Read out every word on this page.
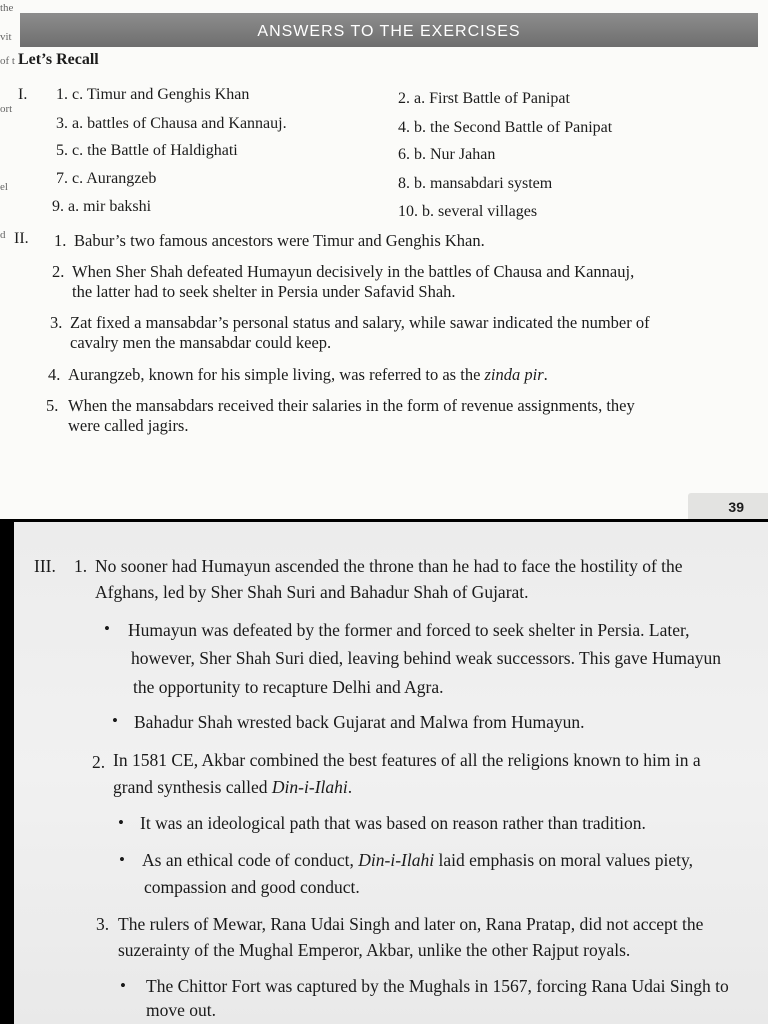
the
vit
of t
ort
el
d
ANSWERS TO THE EXERCISES
Let’s Recall
I. 1. c. Timur and Genghis Khan	2. a. First Battle of Panipat
3. a. battles of Chausa and Kannauj.	4. b. the Second Battle of Panipat
5. c. the Battle of Haldighati	6. b. Nur Jahan
7. c. Aurangzeb	8. b. mansabdari system
9. a. mir bakshi	10. b. several villages
II. 1. Babur’s two famous ancestors were Timur and Genghis Khan.
2. When Sher Shah defeated Humayun decisively in the battles of Chausa and Kannauj,
the latter had to seek shelter in Persia under Safavid Shah.
3. Zat fixed a mansabdar’s personal status and salary, while sawar indicated the number of
cavalry men the mansabdar could keep.
4. Aurangzeb, known for his simple living, was referred to as the zinda pir.
5. When the mansabdars received their salaries in the form of revenue assignments, they
were called jagirs.
39
III. 1. No sooner had Humayun ascended the throne than he had to face the hostility of the
Afghans, led by Sher Shah Suri and Bahadur Shah of Gujarat.
• Humayun was defeated by the former and forced to seek shelter in Persia. Later,
however, Sher Shah Suri died, leaving behind weak successors. This gave Humayun
the opportunity to recapture Delhi and Agra.
• Bahadur Shah wrested back Gujarat and Malwa from Humayun.
2. In 1581 CE, Akbar combined the best features of all the religions known to him in a
grand synthesis called Din-i-Ilahi.
• It was an ideological path that was based on reason rather than tradition.
• As an ethical code of conduct, Din-i-Ilahi laid emphasis on moral values piety,
compassion and good conduct.
3. The rulers of Mewar, Rana Udai Singh and later on, Rana Pratap, did not accept the
suzerainty of the Mughal Emperor, Akbar, unlike the other Rajput royals.
• The Chittor Fort was captured by the Mughals in 1567, forcing Rana Udai Singh to
move out.
